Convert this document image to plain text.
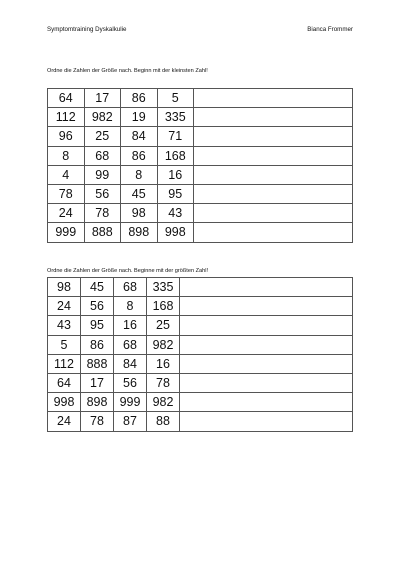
Symptomtraining Dyskalkulie	Bianca Frommer
Ordne die Zahlen der Größe nach. Beginn mit der kleinsten Zahl!
64	17	86	5	
112	982	19	335	
96	25	84	71	
8	68	86	168	
4	99	8	16	
78	56	45	95	
24	78	98	43	
999	888	898	998	
Ordne die Zahlen der Größe nach. Beginne mit der größten Zahl!
98	45	68	335	
24	56	8	168	
43	95	16	25	
5	86	68	982	
112	888	84	16	
64	17	56	78	
998	898	999	982	
24	78	87	88	
